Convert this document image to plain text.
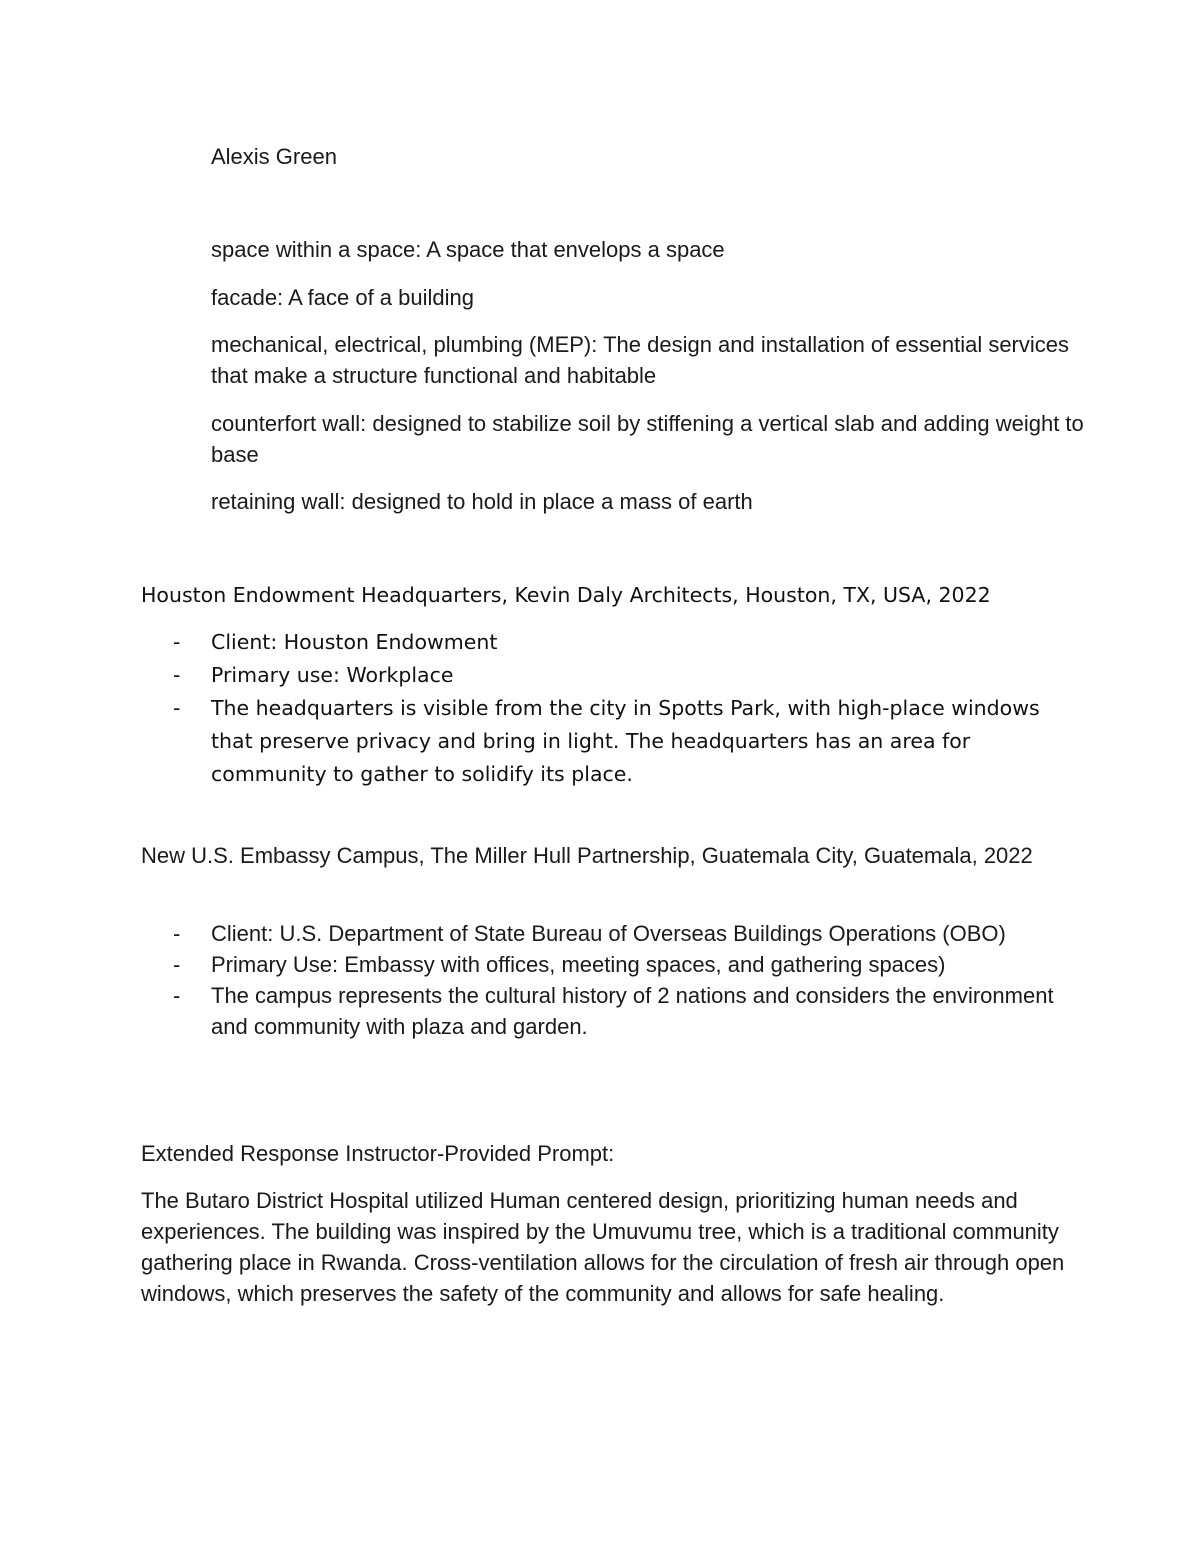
Alexis Green

space within a space: A space that envelops a space

facade: A face of a building

mechanical, electrical, plumbing (MEP): The design and installation of essential services that make a structure functional and habitable

counterfort wall: designed to stabilize soil by stiffening a vertical slab and adding weight to base

retaining wall: designed to hold in place a mass of earth

Houston Endowment Headquarters, Kevin Daly Architects, Houston, TX, USA, 2022

- Client: Houston Endowment
- Primary use: Workplace
- The headquarters is visible from the city in Spotts Park, with high-place windows that preserve privacy and bring in light. The headquarters has an area for community to gather to solidify its place.

New U.S. Embassy Campus, The Miller Hull Partnership, Guatemala City, Guatemala, 2022

- Client: U.S. Department of State Bureau of Overseas Buildings Operations (OBO)
- Primary Use: Embassy with offices, meeting spaces, and gathering spaces)
- The campus represents the cultural history of 2 nations and considers the environment and community with plaza and garden.

Extended Response Instructor-Provided Prompt:

The Butaro District Hospital utilized Human centered design, prioritizing human needs and experiences. The building was inspired by the Umuvumu tree, which is a traditional community gathering place in Rwanda. Cross-ventilation allows for the circulation of fresh air through open windows, which preserves the safety of the community and allows for safe healing.
